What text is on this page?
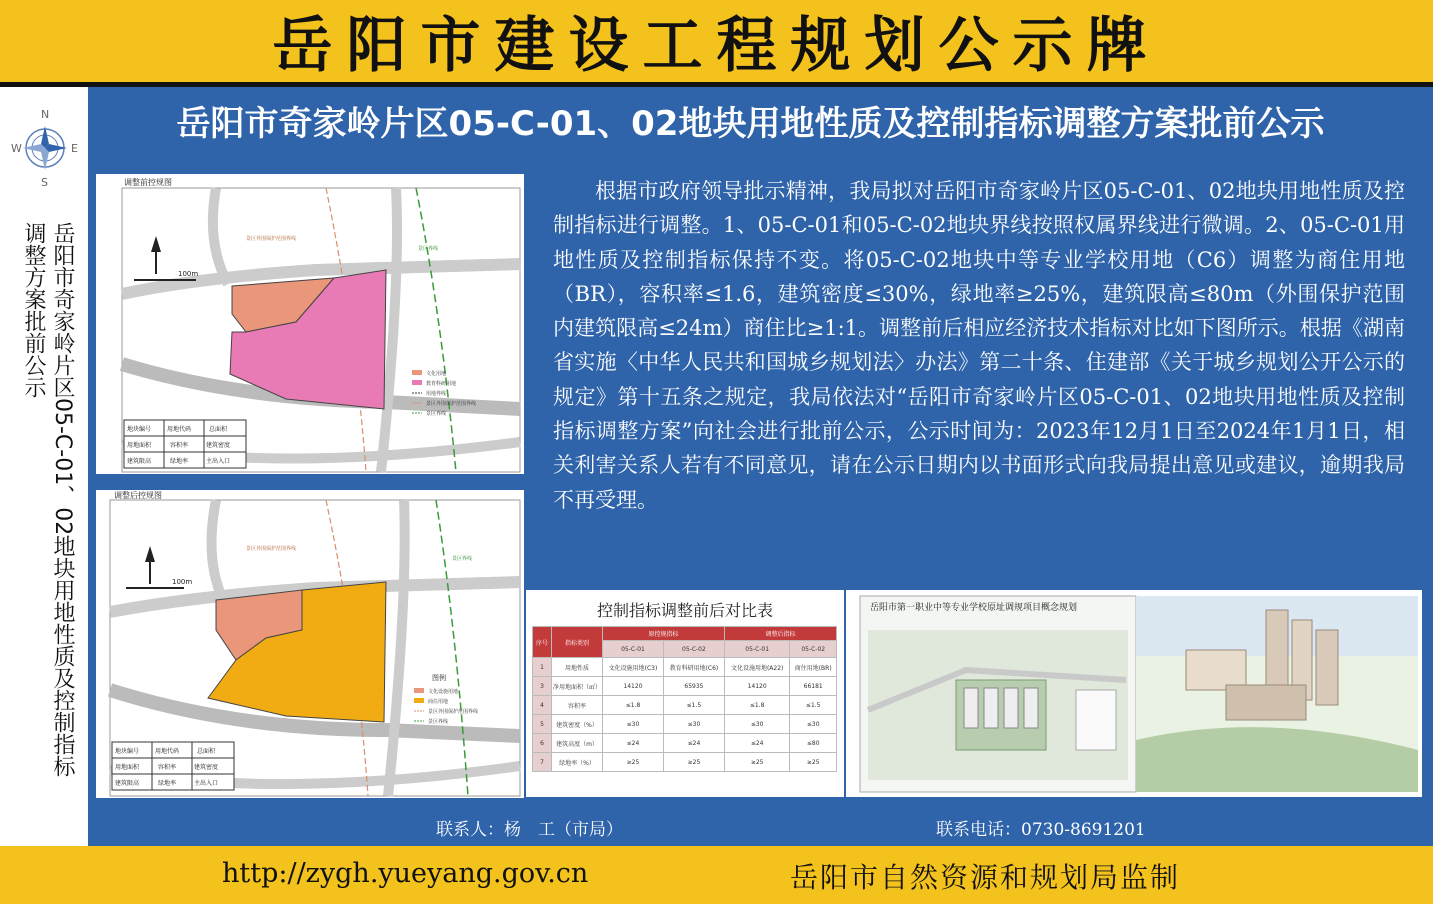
岳阳市建设工程规划公示牌
N
S
W	E
岳阳市奇家岭片区05-C-01、02地块用地性质及控制指标
调整方案批前公示
岳阳市奇家岭片区05-C-01、02地块用地性质及控制指标调整方案批前公示
100m
调整前控规图
景区外围保护范围界线
景区界线
文化用地
教育科研用地
用地界线
景区外围保护范围界线
景区界线
地块编号	用地代码	总面积
用地面积	容积率	建筑密度
建筑限高	绿地率	主出入口
100m
调整后控规图
景区外围保护范围界线
景区界线
图例
文化设施用地
商住用地
景区外围保护范围界线
景区界线
地块编号	用地代码	总面积
用地面积	容积率	建筑密度
建筑限高	绿地率	主出入口

根据市政府领导批示精神，我局拟对岳阳市奇家岭片区05-C-01、02地块用地性质及控制指标进行调整。1、05-C-01和05-C-02地块界线按照权属界线进行微调。2、05-C-01用地性质及控制指标保持不变。将05-C-02地块中等专业学校用地（C6）调整为商住用地（BR），容积率≤1.6，建筑密度≤30%，绿地率≥25%，建筑限高≤80m（外围保护范围内建筑限高≤24m）商住比≥1:1。调整前后相应经济技术指标对比如下图所示。根据《湖南省实施〈中华人民共和国城乡规划法〉办法》第二十条、住建部《关于城乡规划公开公示的规定》第十五条之规定，我局依法对“岳阳市奇家岭片区05-C-01、02地块用地性质及控制指标调整方案”向社会进行批前公示，公示时间为：2023年12月1日至2024年1月1日，相关利害关系人若有不同意见，请在公示日期内以书面形式向我局提出意见或建议，逾期我局不再受理。

控制指标调整前后对比表
序号	指标类别	原控规指标		调整后指标	
		05-C-01	05-C-02	05-C-01	05-C-02
1	用地性质	文化设施用地(C3)	教育科研用地(C6)	文化设施用地(A22)	商住用地(BR)
3	净用地面积（㎡）	14120	65935	14120	66181
4	容积率	≤1.8	≤1.5	≤1.8	≤1.5
5	建筑密度（%）	≤30	≤30	≤30	≤30
6	建筑高度（m）	≤24	≤24	≤24	≤80
7	绿地率（%）	≥25	≥25	≥25	≥25
岳阳市第一职业中等专业学校原址调规项目概念规划
联系人：杨　工（市局）	联系电话：0730-8691201
http://zygh.yueyang.gov.cn	岳阳市自然资源和规划局监制
